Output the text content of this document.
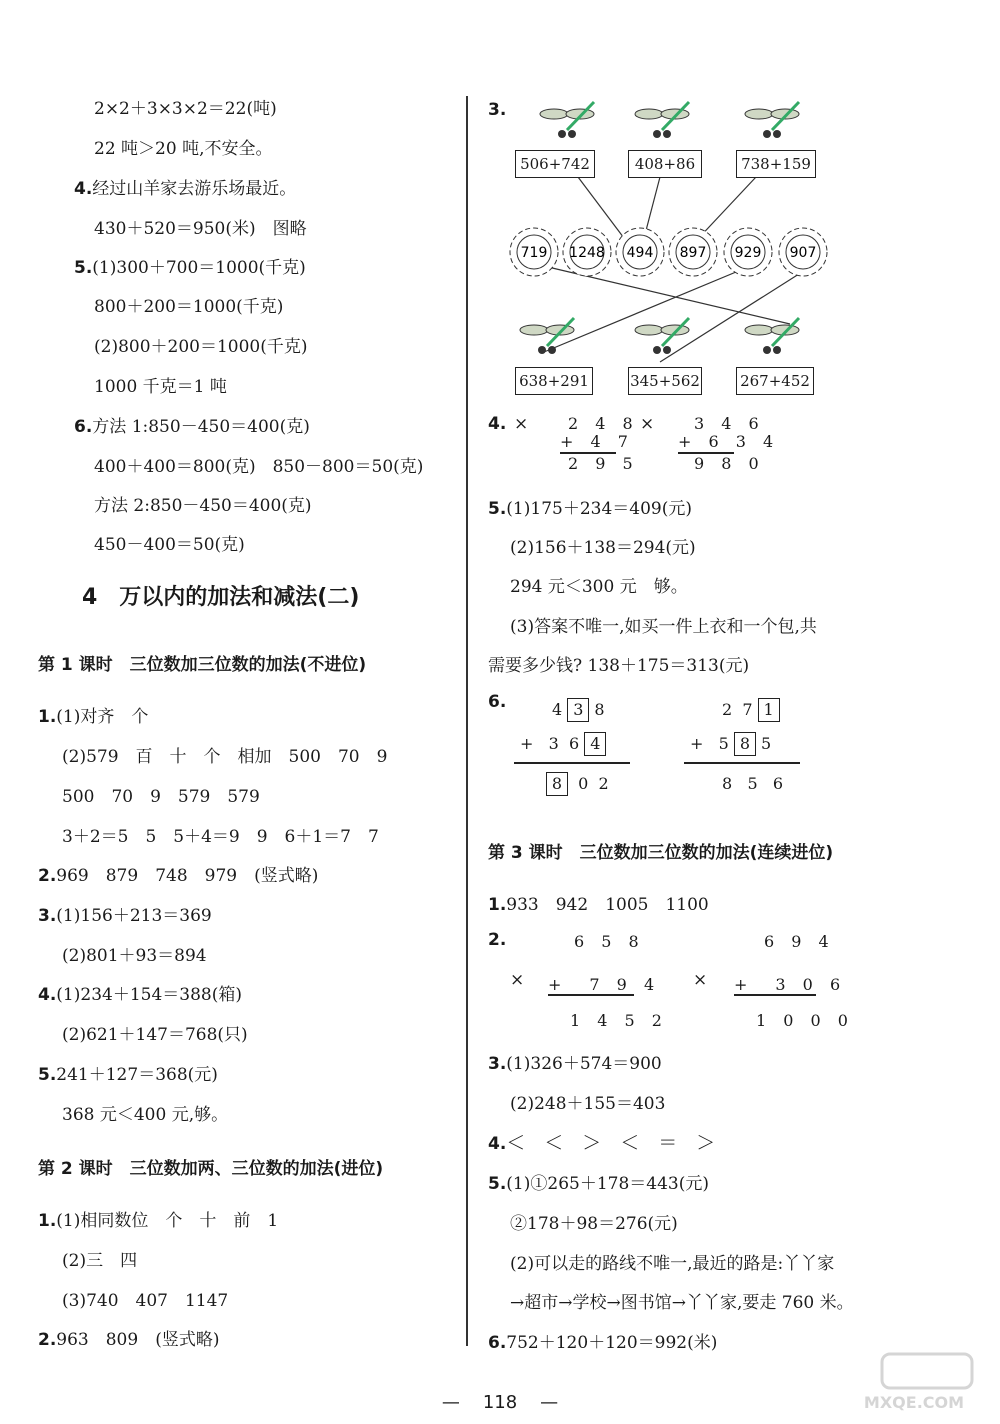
2×2＋3×3×2＝22(吨)
22 吨＞20 吨,不安全。
4.经过山羊家去游乐场最近。
430＋520＝950(米)　图略
5.(1)300＋700＝1000(千克)
800＋200＝1000(千克)
(2)800＋200＝1000(千克)
1000 千克＝1 吨
6.方法 1:850－450＝400(克)
400＋400＝800(克)　850－800＝50(克)
方法 2:850－450＝400(克)
450－400＝50(克)
4　万以内的加法和减法(二)
第 1 课时　三位数加三位数的加法(不进位)
1.(1)对齐　个
(2)579　百　十　个　相加　500　70　9
500　70　9　579　579
3＋2＝5　5　5＋4＝9　9　6＋1＝7　7
2.969　879　748　979　(竖式略)
3.(1)156＋213＝369
(2)801＋93＝894
4.(1)234＋154＝388(箱)
(2)621＋147＝768(只)
5.241＋127＝368(元)
368 元＜400 元,够。
第 2 课时　三位数加两、三位数的加法(进位)
1.(1)相同数位　个　十　前　1
(2)三　四
(3)740　407　1147
2.963　809　(竖式略)
3.
719 1248 494 897 929 907
506+742	408+86	738+159
638+291	345+562	267+452
4. × 2 4 8
+ 4 7
2 9 5
× 3 4 6
+ 6 3 4
9 8 0
5.(1)175＋234＝409(元)
(2)156＋138＝294(元)
294 元＜300 元　够。
(3)答案不唯一,如买一件上衣和一个包,共
需要多少钱? 138＋175＝313(元)
6.	4 3 8
+   3 6 4
8 0 2
2 7 1
+   5 8 5
8 5 6
第 3 课时　三位数加三位数的加法(连续进位)
1.933　942　1005　1100
2.	6 5 8
× +　7 9 4
1 4 5 2
6 9 4
× +　3 0 6
1 0 0 0
3.(1)326＋574＝900
(2)248＋155＝403
4.＜　＜　＞　＜　＝　＞
5.(1)①265＋178＝443(元)
②178＋98＝276(元)
(2)可以走的路线不唯一,最近的路是:丫丫家
→超市→学校→图书馆→丫丫家,要走 760 米。
6.752＋120＋120＝992(米)
— 118 —	MXQE.COM
